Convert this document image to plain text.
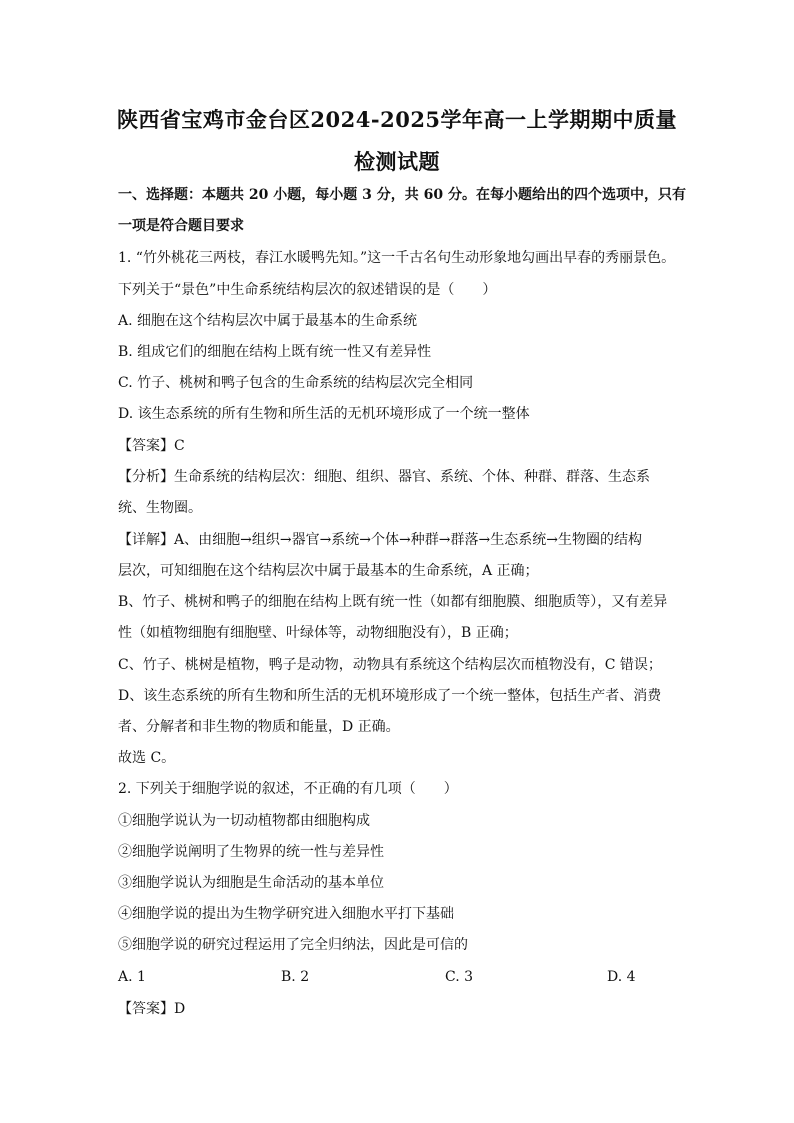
陕西省宝鸡市金台区2024-2025学年高一上学期期中质量
检测试题
一、选择题：本题共 20 小题，每小题 3 分，共 60 分。在每小题给出的四个选项中，只有
一项是符合题目要求
1. “竹外桃花三两枝，春江水暖鸭先知。”这一千古名句生动形象地勾画出早春的秀丽景色。
下列关于“景色”中生命系统结构层次的叙述错误的是（　　）
A. 细胞在这个结构层次中属于最基本的生命系统
B. 组成它们的细胞在结构上既有统一性又有差异性
C. 竹子、桃树和鸭子包含的生命系统的结构层次完全相同
D. 该生态系统的所有生物和所生活的无机环境形成了一个统一整体
【答案】C
【分析】生命系统的结构层次：细胞、组织、器官、系统、个体、种群、群落、生态系
统、生物圈。
【详解】A、由细胞→组织→器官→系统→个体→种群→群落→生态系统→生物圈的结构
层次，可知细胞在这个结构层次中属于最基本的生命系统，A 正确；
B、竹子、桃树和鸭子的细胞在结构上既有统一性（如都有细胞膜、细胞质等），又有差异
性（如植物细胞有细胞壁、叶绿体等，动物细胞没有），B 正确；
C、竹子、桃树是植物，鸭子是动物，动物具有系统这个结构层次而植物没有，C 错误；
D、该生态系统的所有生物和所生活的无机环境形成了一个统一整体，包括生产者、消费
者、分解者和非生物的物质和能量，D 正确。
故选 C。
2. 下列关于细胞学说的叙述，不正确的有几项（　　）
①细胞学说认为一切动植物都由细胞构成
②细胞学说阐明了生物界的统一性与差异性
③细胞学说认为细胞是生命活动的基本单位
④细胞学说的提出为生物学研究进入细胞水平打下基础
⑤细胞学说的研究过程运用了完全归纳法，因此是可信的
A. 1	B. 2	C. 3	D. 4
【答案】D
